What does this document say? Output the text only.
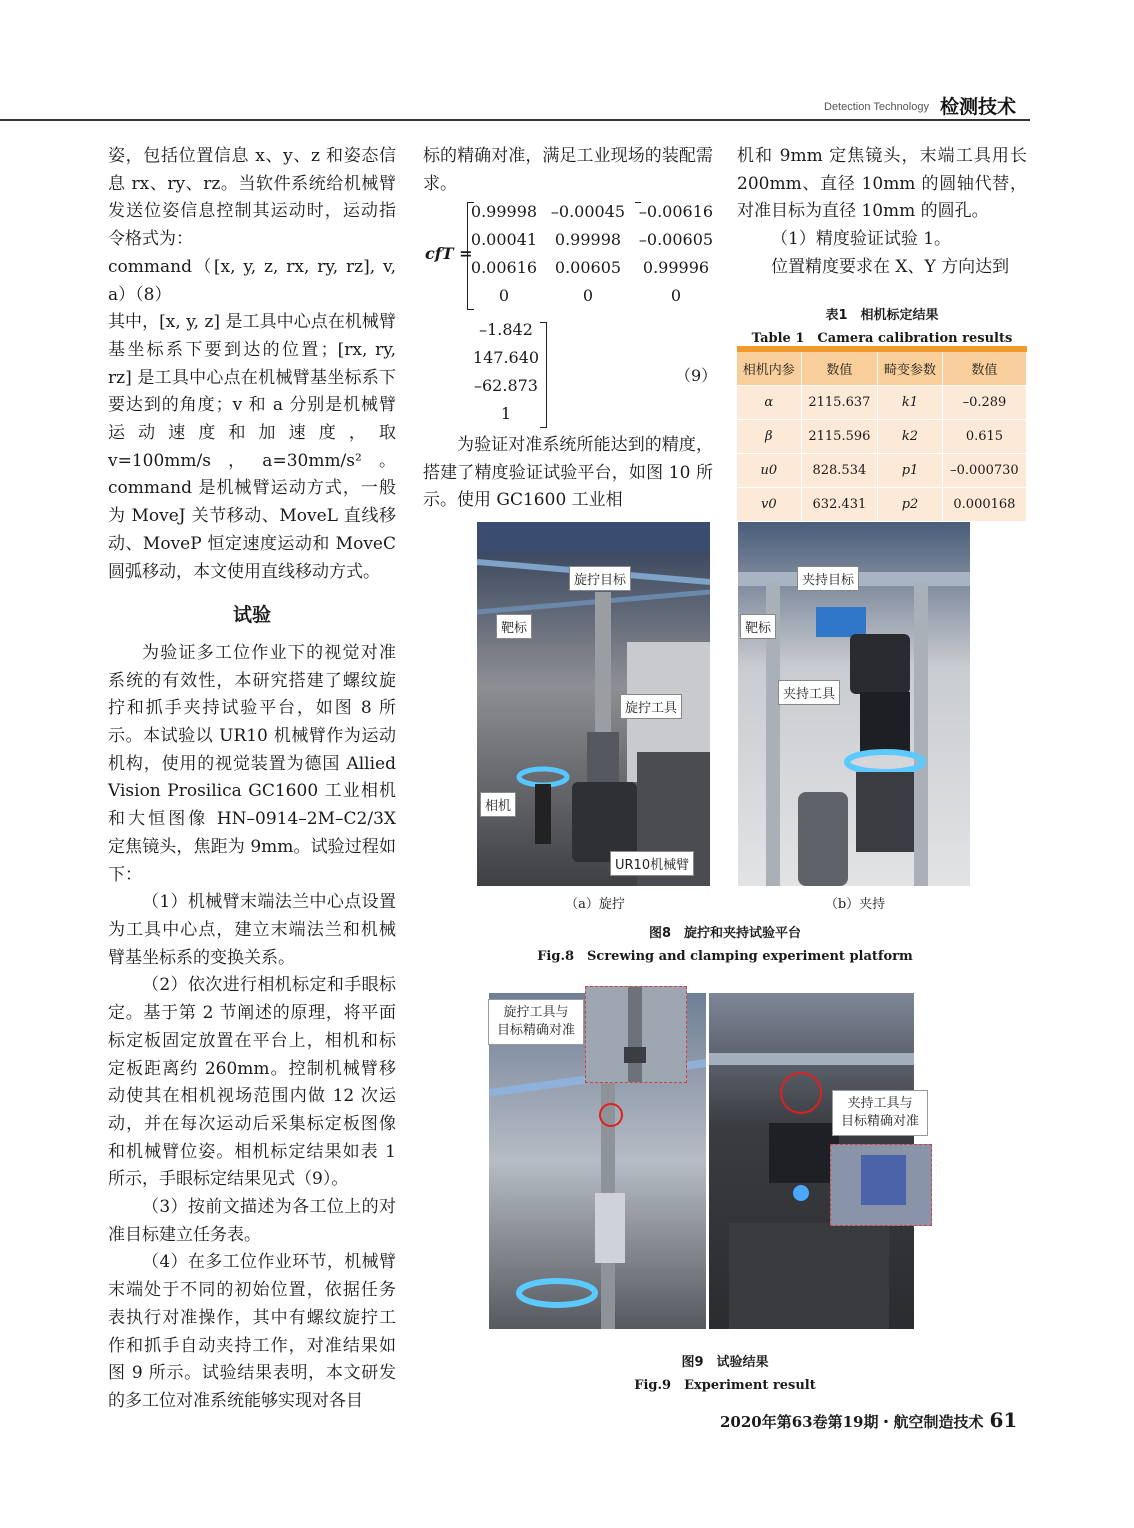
Detection Technology 检测技术

姿，包括位置信息 x、y、z 和姿态信息 rx、ry、rz。当软件系统给机械臂发送位姿信息控制其运动时，运动指令格式为：

command（[x, y, z, rx, ry, rz], v, a）（8）

其中，[x, y, z] 是工具中心点在机械臂基坐标系下要到达的位置；[rx, ry, rz] 是工具中心点在机械臂基坐标系下要达到的角度；v 和 a 分别是机械臂运动速度和加速度，取 v=100mm/s，a=30mm/s²。command 是机械臂运动方式，一般为 MoveJ 关节移动、MoveL 直线移动、MoveP 恒定速度运动和 MoveC 圆弧移动，本文使用直线移动方式。

试验

为验证多工位作业下的视觉对准系统的有效性，本研究搭建了螺纹旋拧和抓手夹持试验平台，如图 8 所示。本试验以 UR10 机械臂作为运动机构，使用的视觉装置为德国 Allied Vision Prosilica GC1600 工业相机和大恒图像 HN–0914–2M–C2/3X 定焦镜头，焦距为 9mm。试验过程如下：

（1）机械臂末端法兰中心点设置为工具中心点，建立末端法兰和机械臂基坐标系的变换关系。

（2）依次进行相机标定和手眼标定。基于第 2 节阐述的原理，将平面标定板固定放置在平台上，相机和标定板距离约 260mm。控制机械臂移动使其在相机视场范围内做 12 次运动，并在每次运动后采集标定板图像和机械臂位姿。相机标定结果如表 1 所示，手眼标定结果见式（9）。

（3）按前文描述为各工位上的对准目标建立任务表。

（4）在多工位作业环节，机械臂末端处于不同的初始位置，依据任务表执行对准操作，其中有螺纹旋拧工作和抓手自动夹持工作，对准结果如图 9 所示。试验结果表明，本文研发的多工位对准系统能够实现对各目

标的精确对准，满足工业现场的装配需求。

cfT =
0.99998 –0.00045 –0.00616
0.00041	0.99998	–0.00605
0.00616	0.00605	0.99996
0	0	0
–1.842
147.640
–62.873
1
（9）

为验证对准系统所能达到的精度，搭建了精度验证试验平台，如图 10 所示。使用 GC1600 工业相

机和 9mm 定焦镜头，末端工具用长 200mm、直径 10mm 的圆轴代替，对准目标为直径 10mm 的圆孔。

（1）精度验证试验 1。

位置精度要求在 X、Y 方向达到

表1　相机标定结果
Table 1　Camera calibration results

相机内参	数值	畸变参数	数值
α	2115.637	k1	–0.289
β	2115.596	k2	0.615
u0	828.534	p1	–0.000730
v0	632.431	p2	0.000168
旋拧目标
靶标
旋拧工具
相机
UR10机械臂
夹持目标
靶标
夹持工具
（a）旋拧	（b）夹持
图8　旋拧和夹持试验平台
Fig.8　Screwing and clamping experiment platform
旋拧工具与
目标精确对准
夹持工具与
目标精确对准
图9　试验结果
Fig.9　Experiment result
2020年第63卷第19期・航空制造技术 61
